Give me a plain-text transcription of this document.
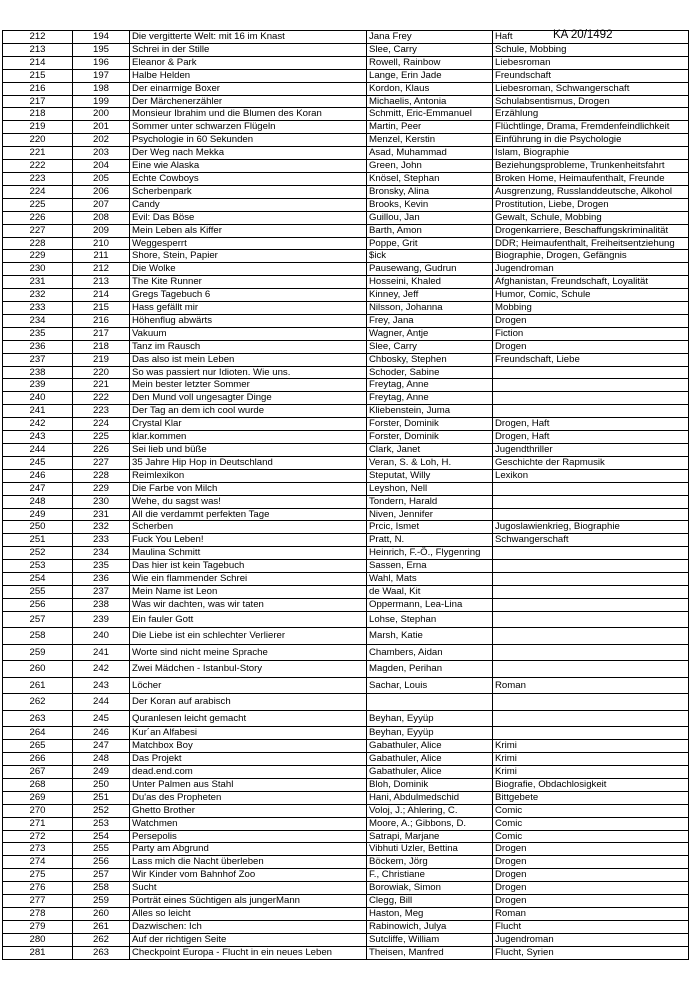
KA 20/1492
212	194	Die vergitterte Welt: mit 16 im Knast	Jana Frey	Haft
213	195	Schrei in der Stille	Slee, Carry	Schule, Mobbing
214	196	Eleanor & Park	Rowell, Rainbow	Liebesroman
215	197	Halbe Helden	Lange, Erin Jade	Freundschaft
216	198	Der einarmige Boxer	Kordon, Klaus	Liebesroman, Schwangerschaft
217	199	Der Märchenerzähler	Michaelis, Antonia	Schulabsentismus, Drogen
218	200	Monsieur Ibrahim und die Blumen des Koran	Schmitt, Eric-Emmanuel	Erzählung
219	201	Sommer unter schwarzen Flügeln	Martin, Peer	Flüchtlinge, Drama, Fremdenfeindlichkeit
220	202	Psychologie in 60 Sekunden	Menzel, Kerstin	Einführung in die Psychologie
221	203	Der Weg nach Mekka	Asad, Muhammad	Islam, Biographie
222	204	Eine wie Alaska	Green, John	Beziehungsprobleme, Trunkenheitsfahrt
223	205	Echte Cowboys	Knösel, Stephan	Broken Home, Heimaufenthalt, Freunde
224	206	Scherbenpark	Bronsky, Alina	Ausgrenzung, Russlanddeutsche, Alkohol
225	207	Candy	Brooks, Kevin	Prostitution, Liebe, Drogen
226	208	Evil: Das Böse	Guillou, Jan	Gewalt, Schule, Mobbing
227	209	Mein Leben als Kiffer	Barth, Amon	Drogenkarriere, Beschaffungskriminalität
228	210	Weggesperrt	Poppe, Grit	DDR; Heimaufenthalt, Freiheitsentziehung
229	211	Shore, Stein, Papier	$ick	Biographie, Drogen, Gefängnis
230	212	Die Wolke	Pausewang, Gudrun	Jugendroman
231	213	The Kite Runner	Hosseini, Khaled	Afghanistan, Freundschaft, Loyalität
232	214	Gregs Tagebuch 6	Kinney, Jeff	Humor, Comic, Schule
233	215	Hass gefällt mir	Nilsson, Johanna	Mobbing
234	216	Höhenflug abwärts	Frey, Jana	Drogen
235	217	Vakuum	Wagner, Antje	Fiction
236	218	Tanz im Rausch	Slee, Carry	Drogen
237	219	Das also ist mein Leben	Chbosky, Stephen	Freundschaft, Liebe
238	220	So was passiert nur Idioten. Wie uns.	Schoder, Sabine	
239	221	Mein bester letzter Sommer	Freytag, Anne	
240	222	Den Mund voll ungesagter Dinge	Freytag, Anne	
241	223	Der Tag an dem ich cool wurde	Kliebenstein, Juma	
242	224	Crystal Klar	Forster, Dominik	Drogen, Haft
243	225	klar.kommen	Forster, Dominik	Drogen, Haft
244	226	Sei lieb und büße	Clark, Janet	Jugendthriller
245	227	35 Jahre Hip Hop in Deutschland	Veran, S. & Loh, H.	Geschichte der Rapmusik
246	228	Reimlexikon	Steputat, Willy	Lexikon
247	229	Die Farbe von Milch	Leyshon, Nell	
248	230	Wehe, du sagst was!	Tondern, Harald	
249	231	All die verdammt perfekten Tage	Niven, Jennifer	
250	232	Scherben	Prcic, Ismet	Jugoslawienkrieg, Biographie
251	233	Fuck You Leben!	Pratt, N.	Schwangerschaft
252	234	Maulina Schmitt	Heinrich, F.-Ö., Flygenring	
253	235	Das hier ist kein Tagebuch	Sassen, Erna	
254	236	Wie ein flammender Schrei	Wahl, Mats	
255	237	Mein Name ist Leon	de Waal, Kit	
256	238	Was wir dachten, was wir taten	Oppermann, Lea-Lina	
257	239	Ein fauler Gott	Lohse, Stephan	
258	240	Die Liebe ist ein schlechter Verlierer	Marsh, Katie	
259	241	Worte sind nicht meine Sprache	Chambers, Aidan	
260	242	Zwei Mädchen - Istanbul-Story	Magden, Perihan	
261	243	Löcher	Sachar, Louis	Roman
262	244	Der Koran auf arabisch		
263	245	Quranlesen leicht gemacht	Beyhan, Eyyüp	
264	246	Kur´an Alfabesi	Beyhan, Eyyüp	
265	247	Matchbox Boy	Gabathuler, Alice	Krimi
266	248	Das Projekt	Gabathuler, Alice	Krimi
267	249	dead.end.com	Gabathuler, Alice	Krimi
268	250	Unter Palmen aus Stahl	Bloh, Dominik	Biografie, Obdachlosigkeit
269	251	Du'as des Propheten	Hani, Abdulmedschid	Bittgebete
270	252	Ghetto Brother	Voloj, J.; Ahlering, C.	Comic
271	253	Watchmen	Moore, A.; Gibbons, D.	Comic
272	254	Persepolis	Satrapi, Marjane	Comic
273	255	Party am Abgrund	Vibhuti Uzler, Bettina	Drogen
274	256	Lass mich die Nacht überleben	Böckem, Jörg	Drogen
275	257	Wir Kinder vom Bahnhof Zoo	F., Christiane	Drogen
276	258	Sucht	Borowiak, Simon	Drogen
277	259	Porträt eines Süchtigen als jungerMann	Clegg, Bill	Drogen
278	260	Alles so leicht	Haston, Meg	Roman
279	261	Dazwischen: Ich	Rabinowich, Julya	Flucht
280	262	Auf der richtigen Seite	Sutcliffe, William	Jugendroman
281	263	Checkpoint Europa - Flucht in ein neues Leben	Theisen, Manfred	Flucht, Syrien
